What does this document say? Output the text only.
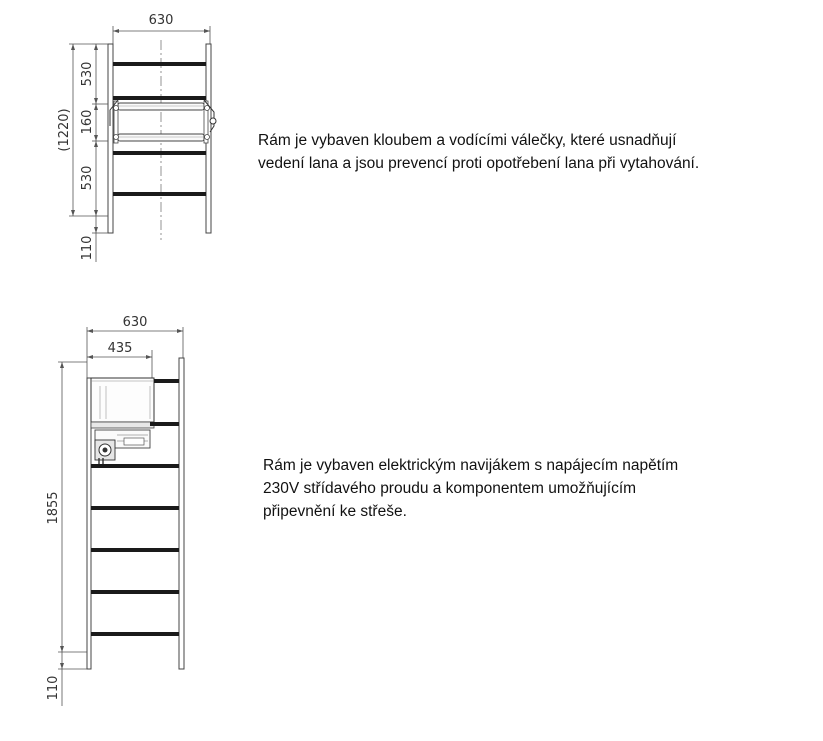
630
530
160
530
110
(1220)
630
435
1855
110
Rám je vybaven kloubem a vodícími válečky, které usnadňují
vedení lana a jsou prevencí proti opotřebení lana při vytahování.
Rám je vybaven elektrickým navijákem s napájecím napětím
230V střídavého proudu a komponentem umožňujícím
připevnění ke střeše.
